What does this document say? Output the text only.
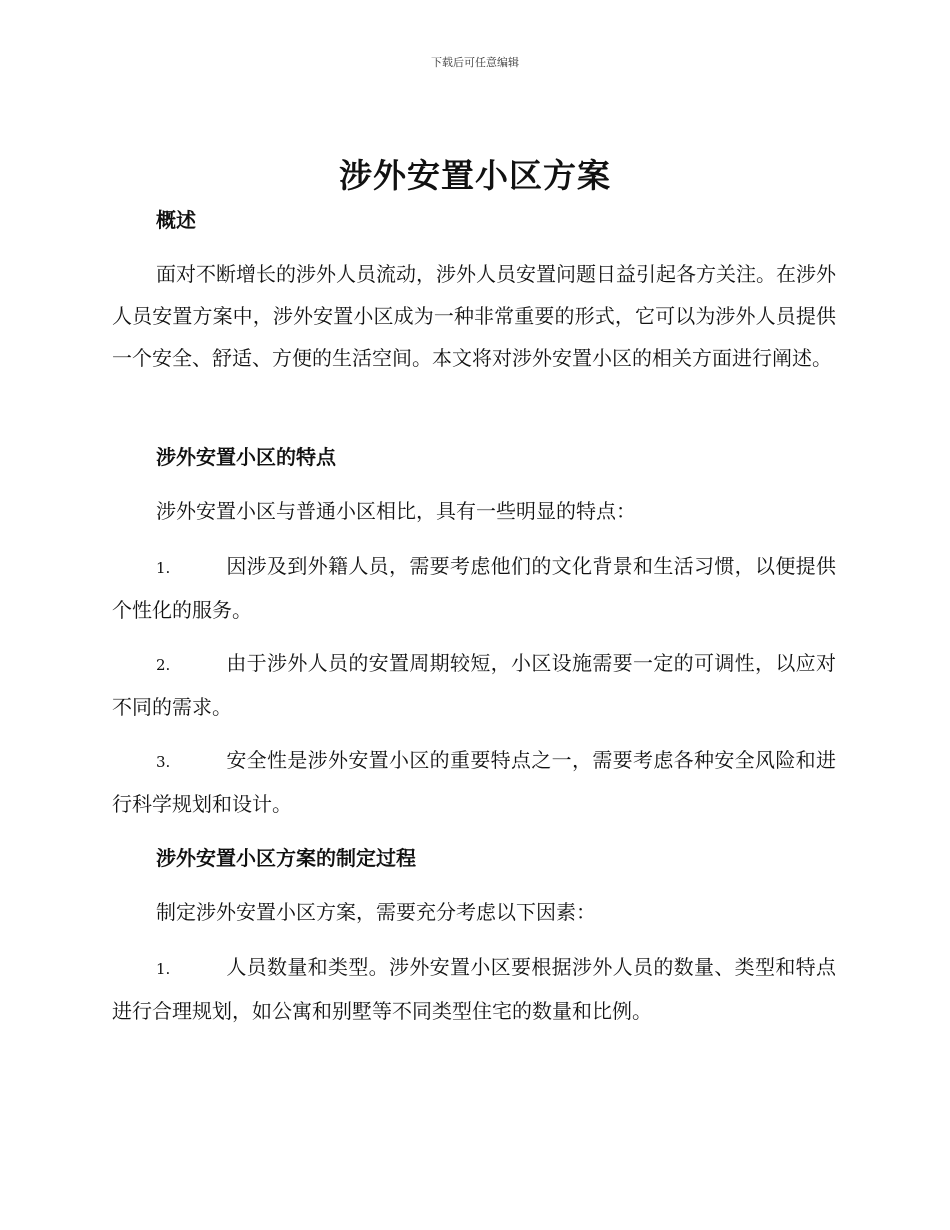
下载后可任意编辑
涉外安置小区方案
概述
面对不断增长的涉外人员流动，涉外人员安置问题日益引起各方关注。在涉外人员安置方案中，涉外安置小区成为一种非常重要的形式，它可以为涉外人员提供一个安全、舒适、方便的生活空间。本文将对涉外安置小区的相关方面进行阐述。
涉外安置小区的特点
涉外安置小区与普通小区相比，具有一些明显的特点：
1.	因涉及到外籍人员，需要考虑他们的文化背景和生活习惯，以便提供个性化的服务。
2.	由于涉外人员的安置周期较短，小区设施需要一定的可调性，以应对不同的需求。
3.	安全性是涉外安置小区的重要特点之一，需要考虑各种安全风险和进行科学规划和设计。
涉外安置小区方案的制定过程
制定涉外安置小区方案，需要充分考虑以下因素：
1.	人员数量和类型。涉外安置小区要根据涉外人员的数量、类型和特点进行合理规划，如公寓和别墅等不同类型住宅的数量和比例。
